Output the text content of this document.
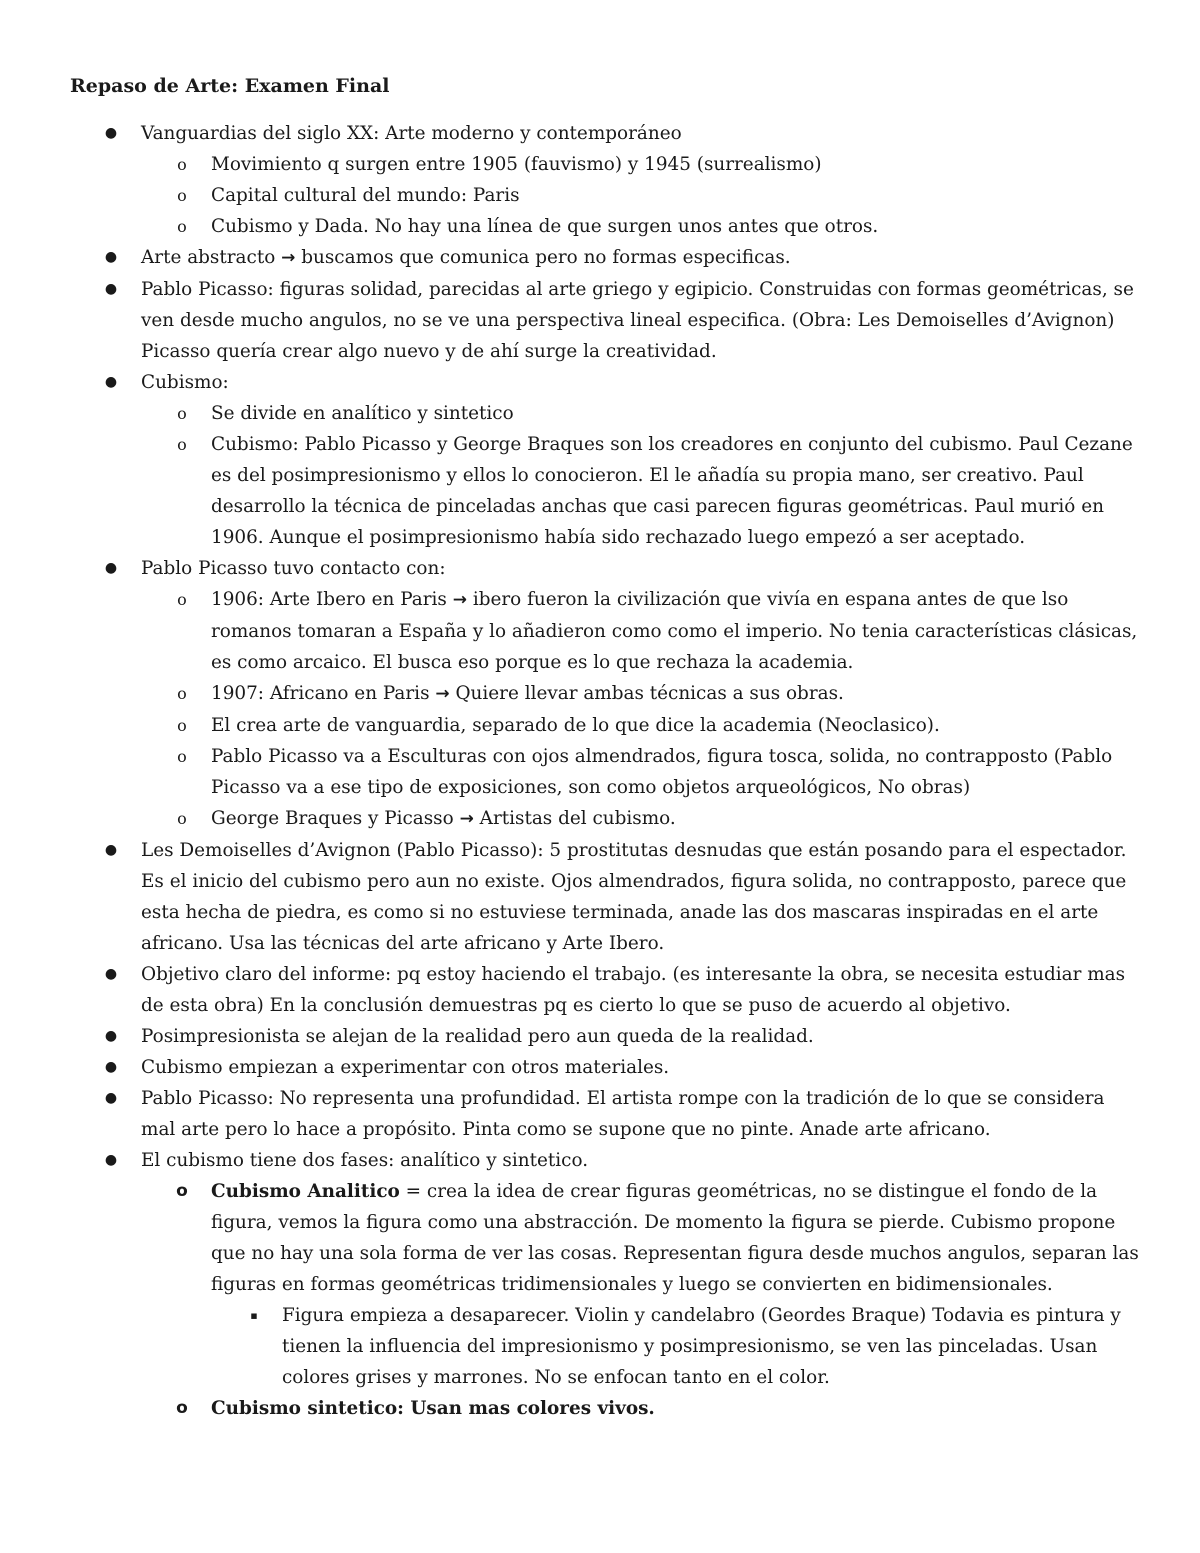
Repaso de Arte: Examen Final

● Vanguardias del siglo XX: Arte moderno y contemporáneo

o Movimiento q surgen entre 1905 (fauvismo) y 1945 (surrealismo)

o Capital cultural del mundo: Paris

o Cubismo y Dada. No hay una línea de que surgen unos antes que otros.

● Arte abstracto → buscamos que comunica pero no formas especificas.

● Pablo Picasso: figuras solidad, parecidas al arte griego y egipicio. Construidas con formas geométricas, se ven desde mucho angulos, no se ve una perspectiva lineal especifica. (Obra: Les Demoiselles d’Avignon) Picasso quería crear algo nuevo y de ahí surge la creatividad.

● Cubismo:

o Se divide en analítico y sintetico

o Cubismo: Pablo Picasso y George Braques son los creadores en conjunto del cubismo. Paul Cezane es del posimpresionismo y ellos lo conocieron. El le añadía su propia mano, ser creativo. Paul desarrollo la técnica de pinceladas anchas que casi parecen figuras geométricas. Paul murió en 1906. Aunque el posimpresionismo había sido rechazado luego empezó a ser aceptado.

● Pablo Picasso tuvo contacto con:

o 1906: Arte Ibero en Paris → ibero fueron la civilización que vivía en espana antes de que lso romanos tomaran a España y lo añadieron como como el imperio. No tenia características clásicas, es como arcaico. El busca eso porque es lo que rechaza la academia.

o 1907: Africano en Paris → Quiere llevar ambas técnicas a sus obras.

o El crea arte de vanguardia, separado de lo que dice la academia (Neoclasico).

o Pablo Picasso va a Esculturas con ojos almendrados, figura tosca, solida, no contrapposto (Pablo Picasso va a ese tipo de exposiciones, son como objetos arqueológicos, No obras)

o George Braques y Picasso → Artistas del cubismo.

● Les Demoiselles d’Avignon (Pablo Picasso): 5 prostitutas desnudas que están posando para el espectador. Es el inicio del cubismo pero aun no existe. Ojos almendrados, figura solida, no contrapposto, parece que esta hecha de piedra, es como si no estuviese terminada, anade las dos mascaras inspiradas en el arte africano. Usa las técnicas del arte africano y Arte Ibero.

● Objetivo claro del informe: pq estoy haciendo el trabajo. (es interesante la obra, se necesita estudiar mas de esta obra) En la conclusión demuestras pq es cierto lo que se puso de acuerdo al objetivo.

● Posimpresionista se alejan de la realidad pero aun queda de la realidad.

● Cubismo empiezan a experimentar con otros materiales.

● Pablo Picasso: No representa una profundidad. El artista rompe con la tradición de lo que se considera mal arte pero lo hace a propósito. Pinta como se supone que no pinte. Anade arte africano.

● El cubismo tiene dos fases: analítico y sintetico.

o Cubismo Analitico = crea la idea de crear figuras geométricas, no se distingue el fondo de la figura, vemos la figura como una abstracción. De momento la figura se pierde. Cubismo propone que no hay una sola forma de ver las cosas. Representan figura desde muchos angulos, separan las figuras en formas geométricas tridimensionales y luego se convierten en bidimensionales.

▪ Figura empieza a desaparecer. Violin y candelabro (Geordes Braque) Todavia es pintura y tienen la influencia del impresionismo y posimpresionismo, se ven las pinceladas. Usan colores grises y marrones. No se enfocan tanto en el color.

o Cubismo sintetico: Usan mas colores vivos.
